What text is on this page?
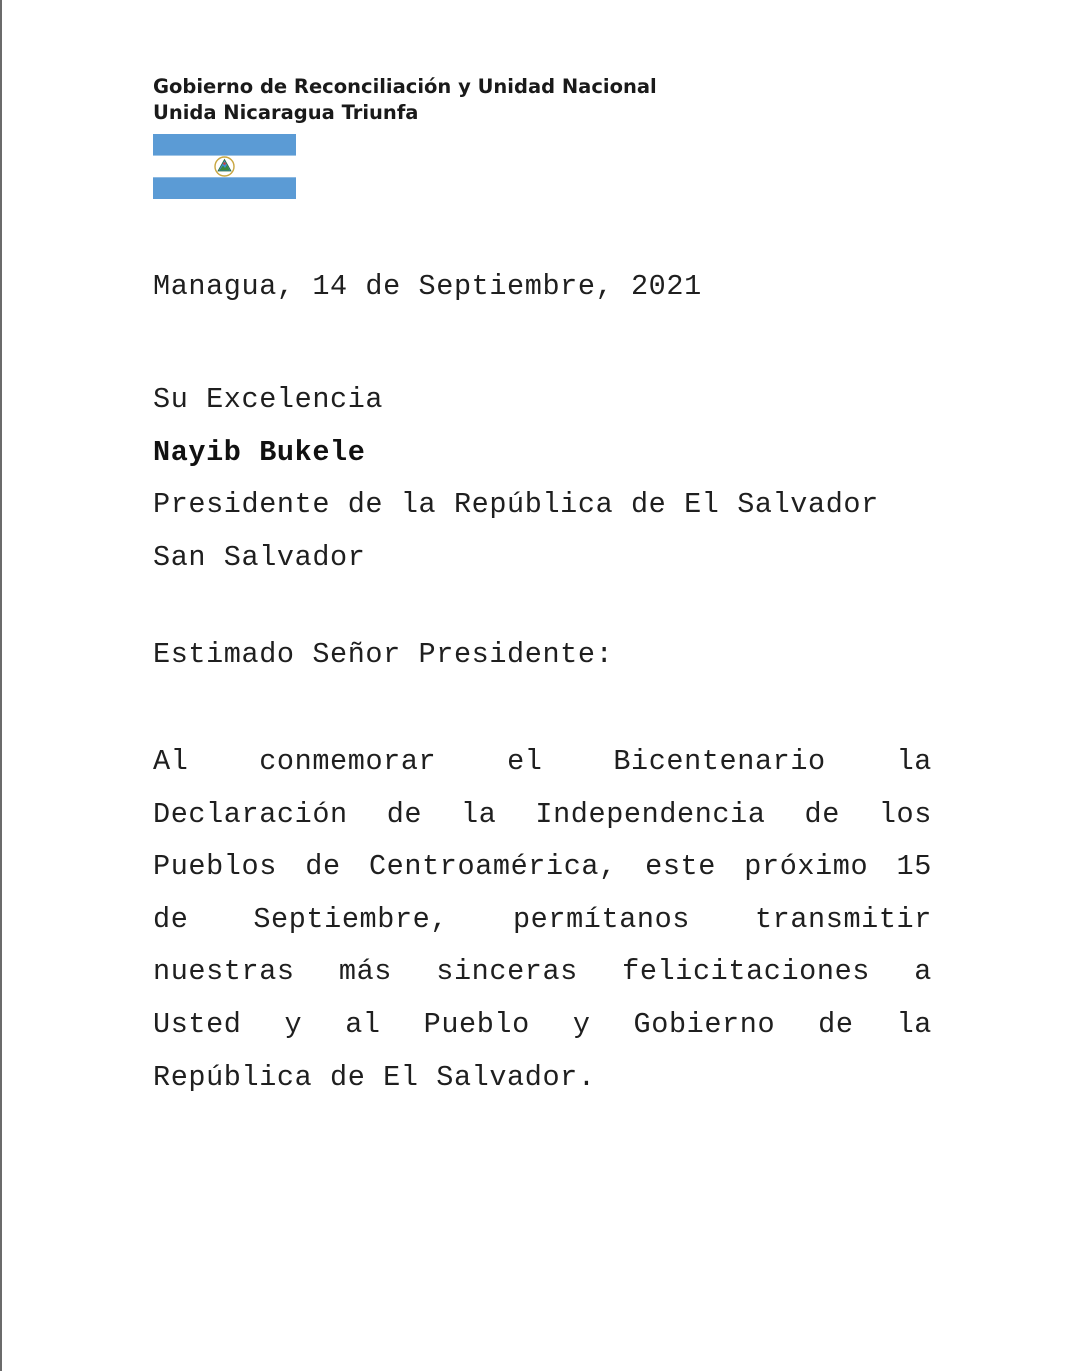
Gobierno de Reconciliación y Unidad Nacional
Unida Nicaragua Triunfa
Managua, 14 de Septiembre, 2021
Su Excelencia
Nayib Bukele
Presidente de la República de El Salvador
San Salvador
Estimado Señor Presidente:
Al conmemorar el Bicentenario la
Declaración de la Independencia de los
Pueblos de Centroamérica, este próximo 15
de Septiembre, permítanos transmitir
nuestras más sinceras felicitaciones a
Usted y al Pueblo y Gobierno de la
República de El Salvador.
